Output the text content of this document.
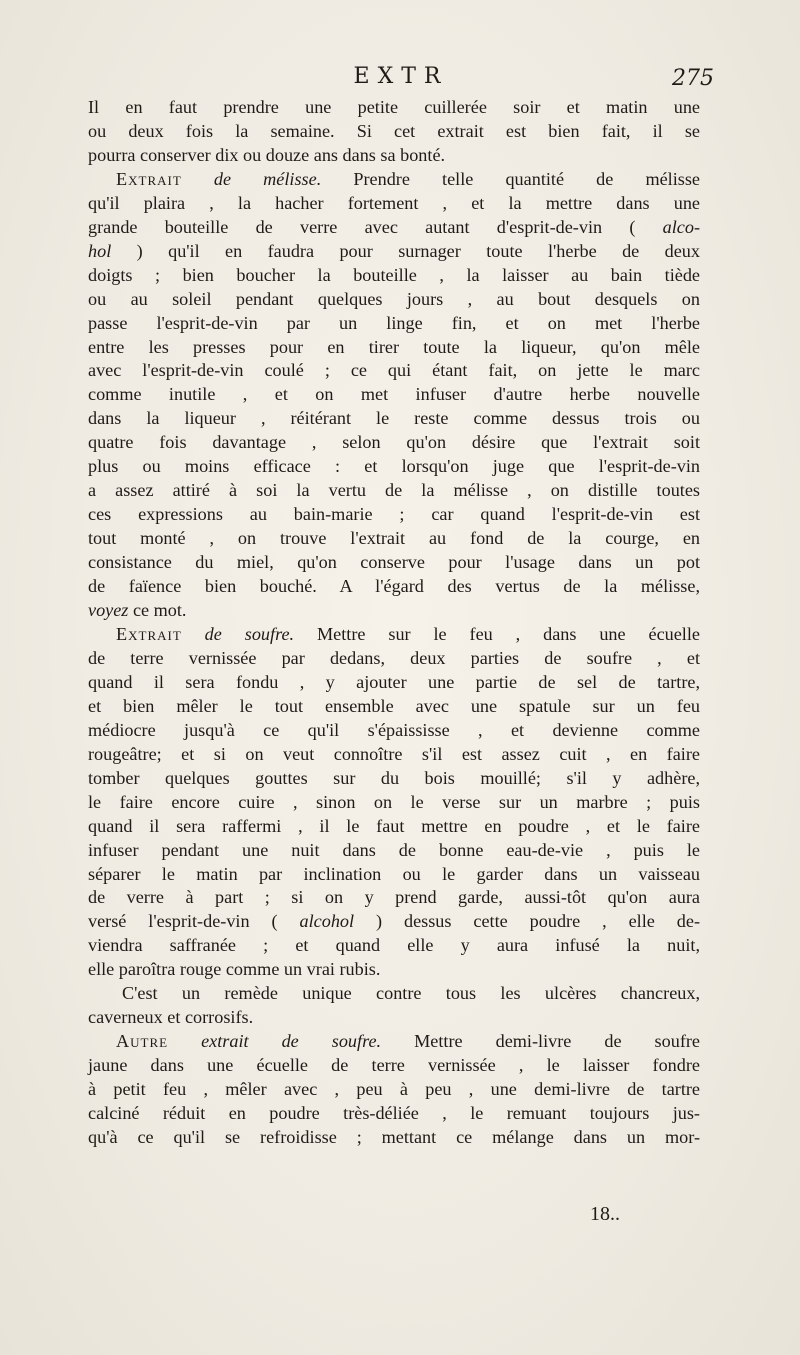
EXTR	275
Il en faut prendre une petite cuillerée soir et matin une
ou deux fois la semaine. Si cet extrait est bien fait, il se
pourra conserver dix ou douze ans dans sa bonté.
Extrait de mélisse. Prendre telle quantité de mélisse
qu'il plaira , la hacher fortement , et la mettre dans une
grande bouteille de verre avec autant d'esprit-de-vin ( alco-
hol ) qu'il en faudra pour surnager toute l'herbe de deux
doigts ; bien boucher la bouteille , la laisser au bain tiède
ou au soleil pendant quelques jours , au bout desquels on
passe l'esprit-de-vin par un linge fin, et on met l'herbe
entre les presses pour en tirer toute la liqueur, qu'on mêle
avec l'esprit-de-vin coulé ; ce qui étant fait, on jette le marc
comme inutile , et on met infuser d'autre herbe nouvelle
dans la liqueur , réitérant le reste comme dessus trois ou
quatre fois davantage , selon qu'on désire que l'extrait soit
plus ou moins efficace : et lorsqu'on juge que l'esprit-de-vin
a assez attiré à soi la vertu de la mélisse , on distille toutes
ces expressions au bain-marie ; car quand l'esprit-de-vin est
tout monté , on trouve l'extrait au fond de la courge, en
consistance du miel, qu'on conserve pour l'usage dans un pot
de faïence bien bouché. A l'égard des vertus de la mélisse,
voyez ce mot.
Extrait de soufre. Mettre sur le feu , dans une écuelle
de terre vernissée par dedans, deux parties de soufre , et
quand il sera fondu , y ajouter une partie de sel de tartre,
et bien mêler le tout ensemble avec une spatule sur un feu
médiocre jusqu'à ce qu'il s'épaississe , et devienne comme
rougeâtre; et si on veut connoître s'il est assez cuit , en faire
tomber quelques gouttes sur du bois mouillé; s'il y adhère,
le faire encore cuire , sinon on le verse sur un marbre ; puis
quand il sera raffermi , il le faut mettre en poudre , et le faire
infuser pendant une nuit dans de bonne eau-de-vie , puis le
séparer le matin par inclination ou le garder dans un vaisseau
de verre à part ; si on y prend garde, aussi-tôt qu'on aura
versé l'esprit-de-vin ( alcohol ) dessus cette poudre , elle de-
viendra saffranée ; et quand elle y aura infusé la nuit,
elle paroîtra rouge comme un vrai rubis.
C'est un remède unique contre tous les ulcères chancreux,
caverneux et corrosifs.
Autre extrait de soufre. Mettre demi-livre de soufre
jaune dans une écuelle de terre vernissée , le laisser fondre
à petit feu , mêler avec , peu à peu , une demi-livre de tartre
calciné réduit en poudre très-déliée , le remuant toujours jus-
qu'à ce qu'il se refroidisse ; mettant ce mélange dans un mor-
18..
